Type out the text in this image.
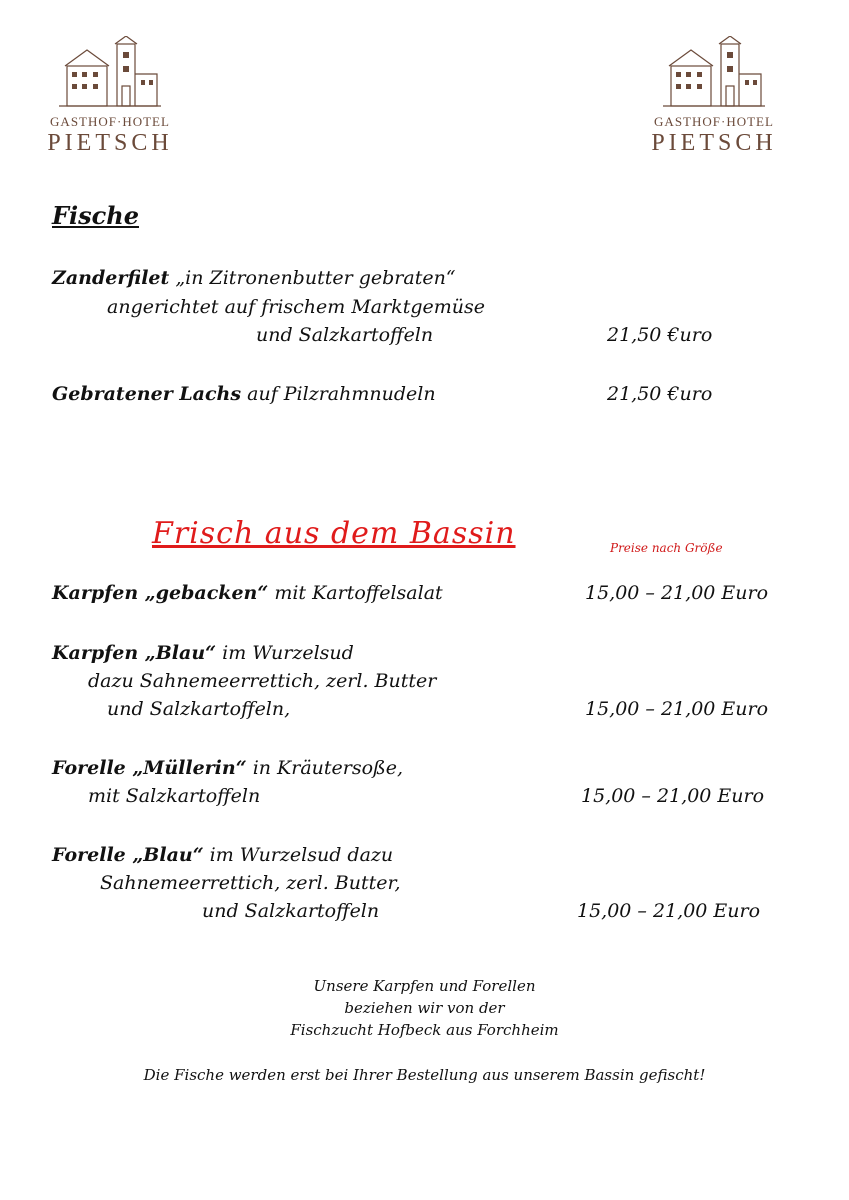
GASTHOF·HOTEL
PIETSCH
GASTHOF·HOTEL
PIETSCH
Fische
Zanderfilet „in Zitronenbutter gebraten“
angerichtet auf frischem Marktgemüse
und Salzkartoffeln	21,50 €uro
Gebratener Lachs auf Pilzrahmnudeln	21,50 €uro
Frisch aus dem Bassin	Preise nach Größe
Karpfen „gebacken“ mit Kartoffelsalat	15,00 – 21,00 Euro
Karpfen „Blau“ im Wurzelsud
dazu Sahnemeerrettich, zerl. Butter
und Salzkartoffeln,	15,00 – 21,00 Euro
Forelle „Müllerin“ in Kräutersoße,
mit Salzkartoffeln	15,00 – 21,00 Euro
Forelle „Blau“ im Wurzelsud dazu
Sahnemeerrettich, zerl. Butter,
und Salzkartoffeln	15,00 – 21,00 Euro
Unsere Karpfen und Forellen
beziehen wir von der
Fischzucht Hofbeck aus Forchheim
Die Fische werden erst bei Ihrer Bestellung aus unserem Bassin gefischt!
